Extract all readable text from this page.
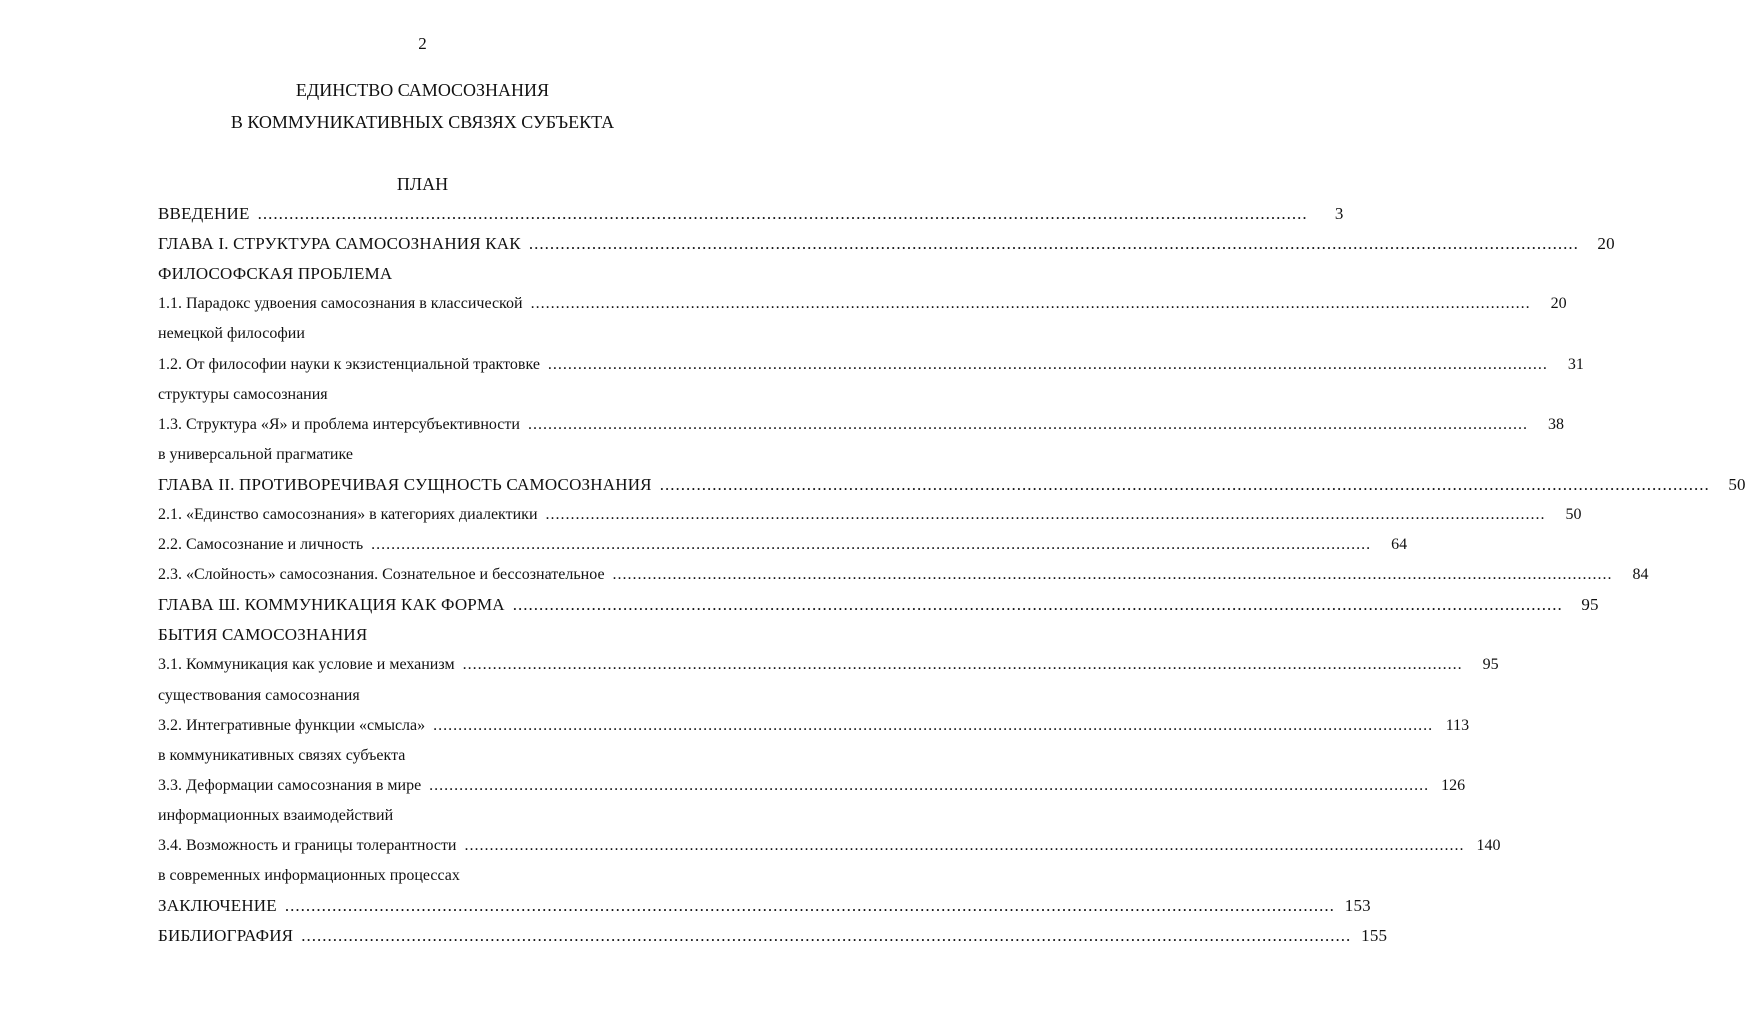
2
ЕДИНСТВО САМОСОЗНАНИЯ
В КОММУНИКАТИВНЫХ СВЯЗЯХ СУБЪЕКТА
ПЛАН
ВВЕДЕНИЕ ........................................................................................................................................................................................................	3
ГЛАВА I. СТРУКТУРА САМОСОЗНАНИЯ КАК ........................................................................................................................................................................................................	20
ФИЛОСОФСКАЯ ПРОБЛЕМА
1.1. Парадокс удвоения самосознания в классической ........................................................................................................................................................................................................	20
немецкой философии
1.2. От философии науки к экзистенциальной трактовке ........................................................................................................................................................................................................	31
структуры самосознания
1.3. Структура «Я» и проблема интерсубъективности ........................................................................................................................................................................................................	38
в универсальной прагматике
ГЛАВА II. ПРОТИВОРЕЧИВАЯ СУЩНОСТЬ САМОСОЗНАНИЯ ........................................................................................................................................................................................................	50
2.1. «Единство самосознания» в категориях диалектики ........................................................................................................................................................................................................	50
2.2. Самосознание и личность ........................................................................................................................................................................................................	64
2.3. «Слойность» самосознания. Сознательное и бессознательное ........................................................................................................................................................................................................	84
ГЛАВА Ш. КОММУНИКАЦИЯ КАК ФОРМА ........................................................................................................................................................................................................	95
БЫТИЯ САМОСОЗНАНИЯ
3.1. Коммуникация как условие и механизм ........................................................................................................................................................................................................	95
существования самосознания
3.2. Интегративные функции «смысла» ........................................................................................................................................................................................................ 113
в коммуникативных связях субъекта
3.3. Деформации самосознания в мире ........................................................................................................................................................................................................ 126
информационных взаимодействий
3.4. Возможность и границы толерантности ........................................................................................................................................................................................................ 140
в современных информационных процессах
ЗАКЛЮЧЕНИЕ ........................................................................................................................................................................................................ 153
БИБЛИОГРАФИЯ ........................................................................................................................................................................................................ 155
